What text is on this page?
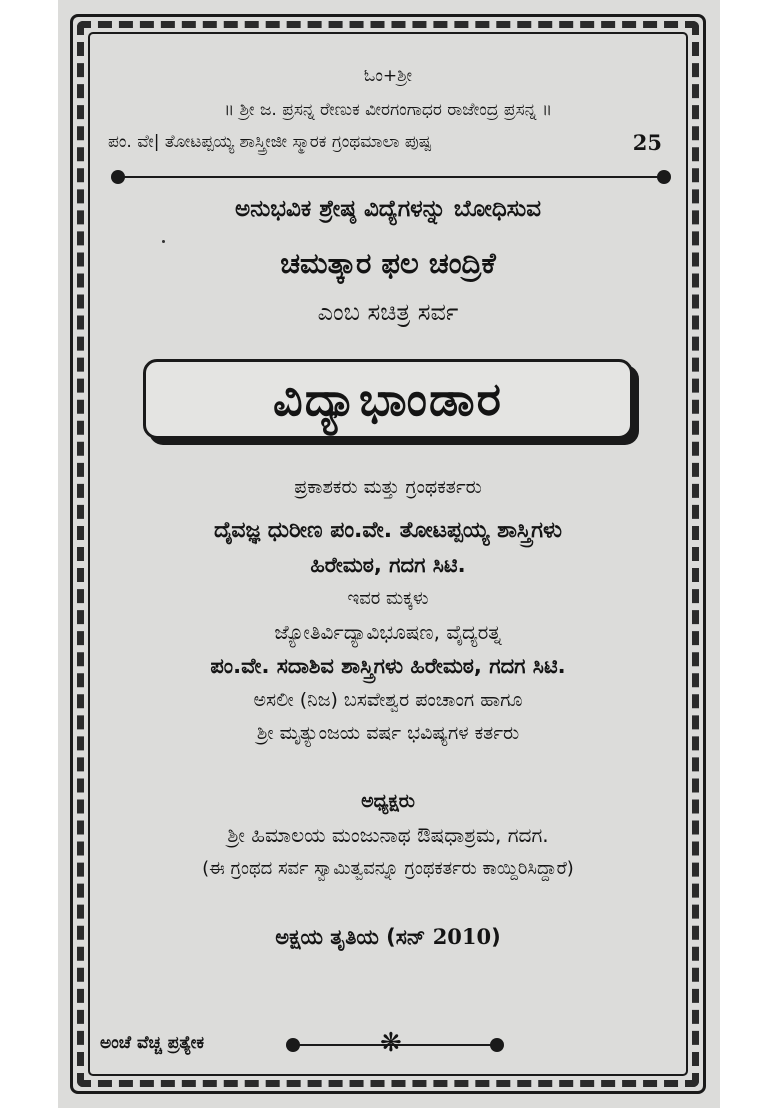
ಓಂ+ಶ್ರೀ
॥ ಶ್ರೀ ಜ. ಪ್ರಸನ್ನ ರೇಣುಕ ವೀರಗಂಗಾಧರ ರಾಜೇಂದ್ರ ಪ್ರಸನ್ನ ॥
ಪಂ. ವೇ| ತೋಟಪ್ಪಯ್ಯ ಶಾಸ್ತ್ರೀಜೀ ಸ್ಮಾರಕ ಗ್ರಂಥಮಾಲಾ ಪುಷ್ಪ	25
ಅನುಭವಿಕ ಶ್ರೇಷ್ಠ ವಿದ್ಯೆಗಳನ್ನು ಬೋಧಿಸುವ
ಚಮತ್ಕಾರ ಫಲ ಚಂದ್ರಿಕೆ
ಎಂಬ ಸಚಿತ್ರ ಸರ್ವ
ವಿದ್ಯಾಭಾಂಡಾರ
ಪ್ರಕಾಶಕರು ಮತ್ತು ಗ್ರಂಥಕರ್ತರು
ದೈವಜ್ಞ ಧುರೀಣ ಪಂ.ವೇ. ತೋಟಪ್ಪಯ್ಯ ಶಾಸ್ತ್ರಿಗಳು
ಹಿರೇಮಠ, ಗದಗ ಸಿಟಿ.
ಇವರ ಮಕ್ಕಳು
ಜ್ಯೋತಿರ್ವಿದ್ಯಾವಿಭೂಷಣ, ವೈದ್ಯರತ್ನ
ಪಂ.ವೇ. ಸದಾಶಿವ ಶಾಸ್ತ್ರಿಗಳು ಹಿರೇಮಠ, ಗದಗ ಸಿಟಿ.
ಅಸಲೀ (ನಿಜ) ಬಸವೇಶ್ವರ ಪಂಚಾಂಗ ಹಾಗೂ
ಶ್ರೀ ಮೃತ್ಯುಂಜಯ ವರ್ಷ ಭವಿಷ್ಯಗಳ ಕರ್ತರು
ಅಧ್ಯಕ್ಷರು
ಶ್ರೀ ಹಿಮಾಲಯ ಮಂಜುನಾಥ ಔಷಧಾಶ್ರಮ, ಗದಗ.
(ಈ ಗ್ರಂಥದ ಸರ್ವ ಸ್ವಾಮಿತ್ವವನ್ನೂ ಗ್ರಂಥಕರ್ತರು ಕಾಯ್ದಿರಿಸಿದ್ದಾರೆ)
ಅಕ್ಷಯ ತೃತಿಯ (ಸನ್ 2010)
ಅಂಚೆ ವೆಚ್ಚ ಪ್ರತ್ಯೇಕ	❋
